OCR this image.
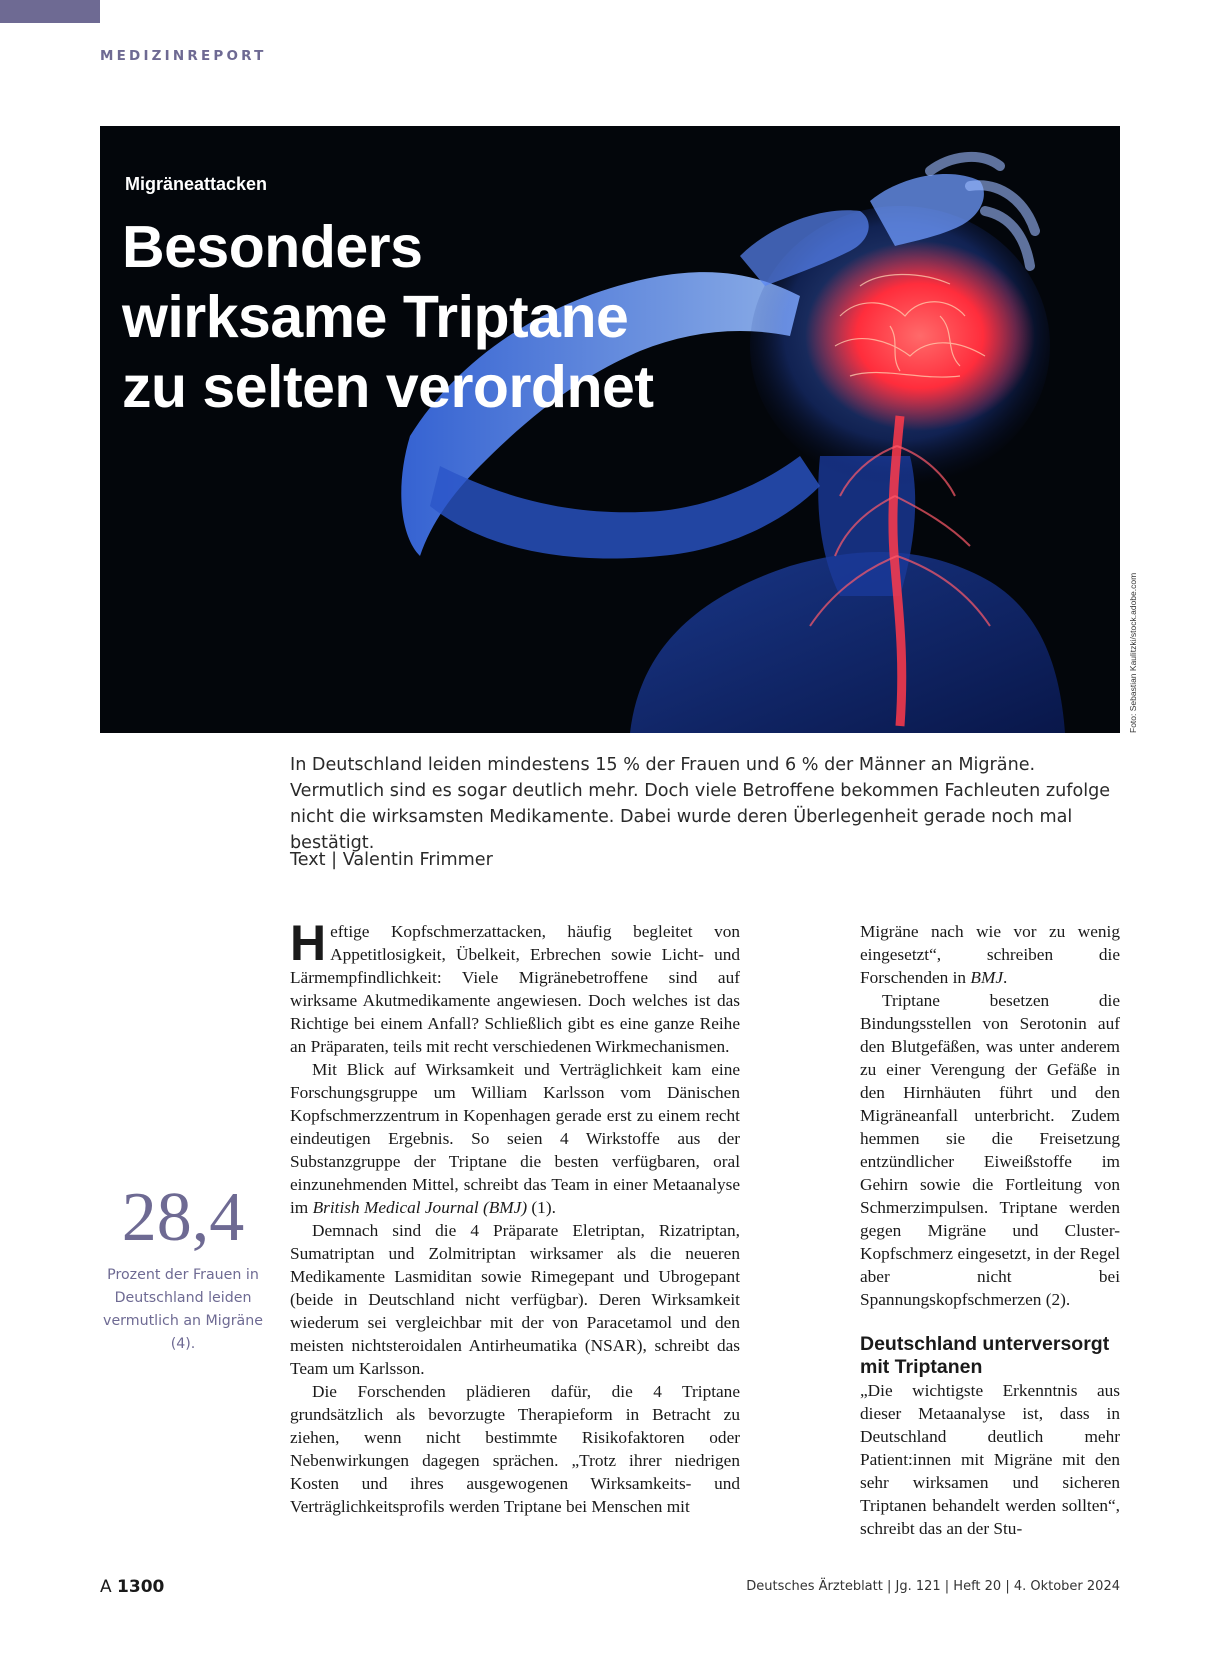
MEDIZINREPORT
Migräneattacken
Besonders wirksame Triptane zu selten verordnet
Foto: Sebastian Kaulitzki/stock.adobe.com
In Deutschland leiden mindestens 15 % der Frauen und 6 % der Männer an Migräne. Vermutlich sind es sogar deutlich mehr. Doch viele Betroffene bekommen Fachleuten zufolge nicht die wirksamsten Medikamente. Dabei wurde deren Überlegenheit gerade noch mal bestätigt.
Text | Valentin Frimmer
28,4
Prozent der Frauen in Deutschland leiden vermutlich an Migräne (4).

Heftige Kopfschmerzattacken, häufig begleitet von Appetitlosigkeit, Übelkeit, Erbrechen sowie Licht- und Lärmempfindlichkeit: Viele Migränebetroffene sind auf wirksame Akutmedikamente angewiesen. Doch welches ist das Richtige bei einem Anfall? Schließlich gibt es eine ganze Reihe an Präparaten, teils mit recht verschiedenen Wirkmechanismen.

Mit Blick auf Wirksamkeit und Verträglichkeit kam eine Forschungsgruppe um William Karlsson vom Dänischen Kopfschmerzzentrum in Kopenhagen gerade erst zu einem recht eindeutigen Ergebnis. So seien 4 Wirkstoffe aus der Substanzgruppe der Triptane die besten verfügbaren, oral einzunehmenden Mittel, schreibt das Team in einer Metaanalyse im British Medical Journal (BMJ) (1).

Demnach sind die 4 Präparate Eletriptan, Rizatriptan, Sumatriptan und Zolmitriptan wirksamer als die neueren Medikamente Lasmiditan sowie Rimegepant und Ubrogepant (beide in Deutschland nicht verfügbar). Deren Wirksamkeit wiederum sei vergleichbar mit der von Paracetamol und den meisten nichtsteroidalen Antirheumatika (NSAR), schreibt das Team um Karlsson.

Die Forschenden plädieren dafür, die 4 Triptane grundsätzlich als bevorzugte Therapieform in Betracht zu ziehen, wenn nicht bestimmte Risikofaktoren oder Nebenwirkungen dagegen sprächen. „Trotz ihrer niedrigen Kosten und ihres ausgewogenen Wirksamkeits- und Verträglichkeitsprofils werden Triptane bei Menschen mit

Migräne nach wie vor zu wenig eingesetzt“, schreiben die Forschenden in BMJ.

Triptane besetzen die Bindungsstellen von Serotonin auf den Blutgefäßen, was unter anderem zu einer Verengung der Gefäße in den Hirnhäuten führt und den Migräneanfall unterbricht. Zudem hemmen sie die Freisetzung entzündlicher Eiweißstoffe im Gehirn sowie die Fortleitung von Schmerzimpulsen. Triptane werden gegen Migräne und Cluster-Kopfschmerz eingesetzt, in der Regel aber nicht bei Spannungskopfschmerzen (2).

Deutschland unterversorgt mit Triptanen

„Die wichtigste Erkenntnis aus dieser Metaanalyse ist, dass in Deutschland deutlich mehr Patient:innen mit Migräne mit den sehr wirksamen und sicheren Triptanen behandelt werden sollten“, schreibt das an der Stu-

A 1300	Deutsches Ärzteblatt | Jg. 121 | Heft 20 | 4. Oktober 2024
